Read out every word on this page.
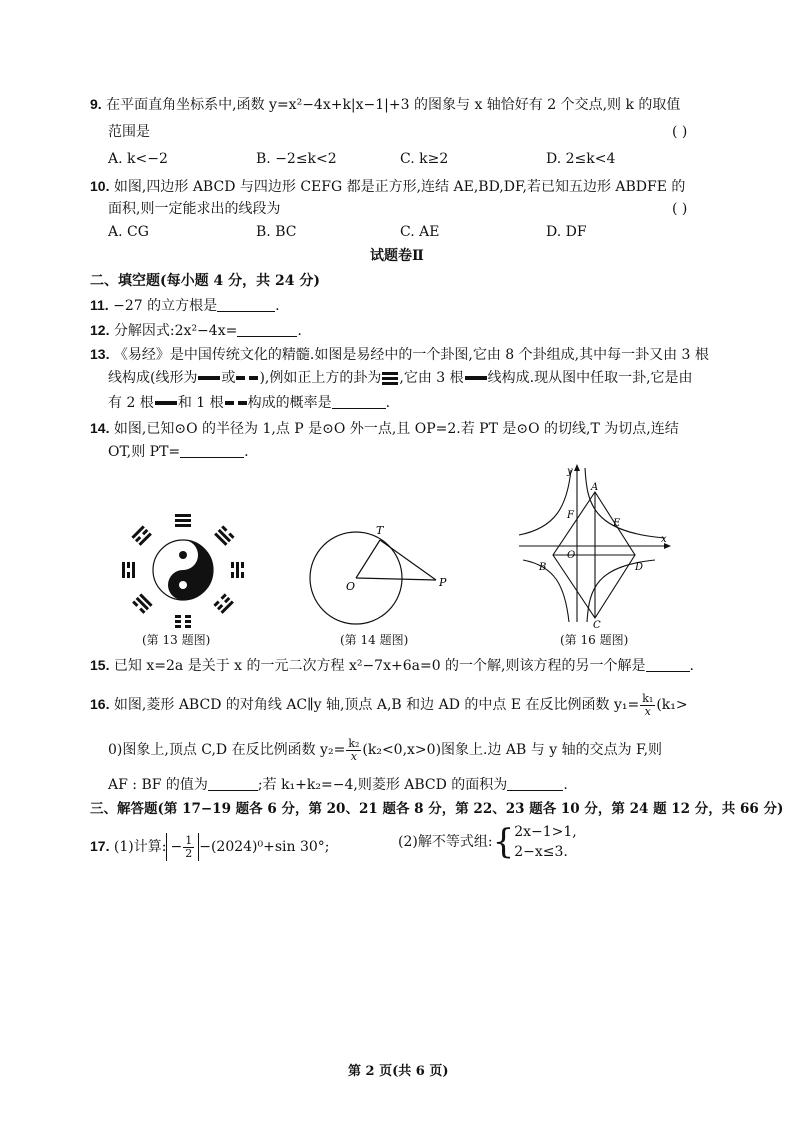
9. 在平面直角坐标系中,函数 y=x²−4x+k|x−1|+3 的图象与 x 轴恰好有 2 个交点,则 k 的取值
范围是	( )
A. k<−2	B. −2≤k<2	C. k≥2	D. 2≤k<4
10. 如图,四边形 ABCD 与四边形 CEFG 都是正方形,连结 AE,BD,DF,若已知五边形 ABDFE 的
面积,则一定能求出的线段为	( )
A. CG	B. BC	C. AE	D. DF
试题卷Ⅱ
二、填空题(每小题 4 分，共 24 分)
11. −27 的立方根是	.
12. 分解因式:2x²−4x=	.
13. 《易经》是中国传统文化的精髓.如图是易经中的一个卦图,它由 8 个卦组成,其中每一卦又由 3 根
线构成(线形为 或 ),例如正上方的卦为 ,它由 3 根 线构成.现从图中任取一卦,它是由
有 2 根 和 1 根 构成的概率是	.
14. 如图,已知⊙O 的半径为 1,点 P 是⊙O 外一点,且 OP=2.若 PT 是⊙O 的切线,T 为切点,连结
OT,则 PT=	.
(第 13 题图)
T
O	P
(第 14 题图)
y
x
A
F
E
O
B	D
C
(第 16 题图)
15. 已知 x=2a 是关于 x 的一元二次方程 x²−7x+6a=0 的一个解,则该方程的另一个解是	.
16. 如图,菱形 ABCD 的对角线 AC∥y 轴,顶点 A,B 和边 AD 的中点 E 在反比例函数 $y_1= \frac{\text{k₁}}{x} (k_1>$
0)图象上,顶点 C,D 在反比例函数 $y_2= \frac{\text{k₂}}{x} (k_2<0,x>0)$图象上.边 AB 与 y 轴的交点为 F,则
AF : BF 的值为	;若 k₁+k₂=−4,则菱形 ABCD 的面积为	.
三、解答题(第 17−19 题各 6 分，第 20、21 题各 8 分，第 22、23 题各 10 分，第 24 题 12 分，共 66 分)
17. (1)计算: − $\frac{1}{2} -(2024)^0+\sin$ 30°;	(2)解不等式组:{ 2x−1>1,
2−x≤3.
第 2 页(共 6 页)
